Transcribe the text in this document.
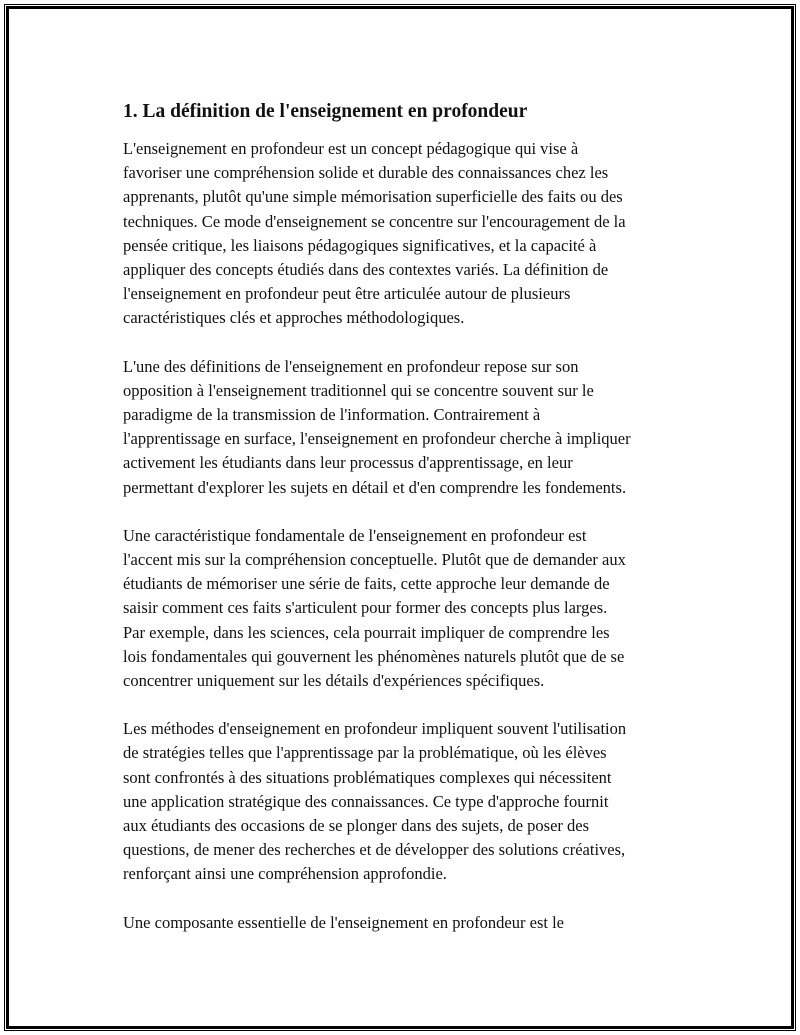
1. La définition de l'enseignement en profondeur

L'enseignement en profondeur est un concept pédagogique qui vise à
favoriser une compréhension solide et durable des connaissances chez les
apprenants, plutôt qu'une simple mémorisation superficielle des faits ou des
techniques. Ce mode d'enseignement se concentre sur l'encouragement de la
pensée critique, les liaisons pédagogiques significatives, et la capacité à
appliquer des concepts étudiés dans des contextes variés. La définition de
l'enseignement en profondeur peut être articulée autour de plusieurs
caractéristiques clés et approches méthodologiques.

L'une des définitions de l'enseignement en profondeur repose sur son
opposition à l'enseignement traditionnel qui se concentre souvent sur le
paradigme de la transmission de l'information. Contrairement à
l'apprentissage en surface, l'enseignement en profondeur cherche à impliquer
activement les étudiants dans leur processus d'apprentissage, en leur
permettant d'explorer les sujets en détail et d'en comprendre les fondements.

Une caractéristique fondamentale de l'enseignement en profondeur est
l'accent mis sur la compréhension conceptuelle. Plutôt que de demander aux
étudiants de mémoriser une série de faits, cette approche leur demande de
saisir comment ces faits s'articulent pour former des concepts plus larges.
Par exemple, dans les sciences, cela pourrait impliquer de comprendre les
lois fondamentales qui gouvernent les phénomènes naturels plutôt que de se
concentrer uniquement sur les détails d'expériences spécifiques.

Les méthodes d'enseignement en profondeur impliquent souvent l'utilisation
de stratégies telles que l'apprentissage par la problématique, où les élèves
sont confrontés à des situations problématiques complexes qui nécessitent
une application stratégique des connaissances. Ce type d'approche fournit
aux étudiants des occasions de se plonger dans des sujets, de poser des
questions, de mener des recherches et de développer des solutions créatives,
renforçant ainsi une compréhension approfondie.

Une composante essentielle de l'enseignement en profondeur est le
